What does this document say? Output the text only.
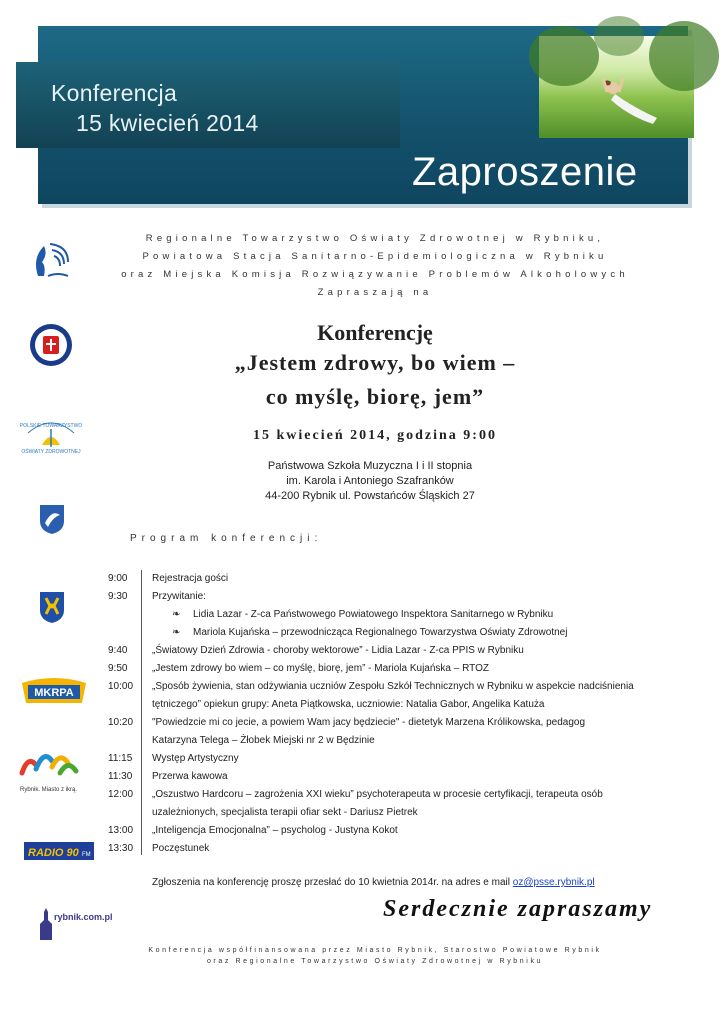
Konferencja
15 kwiecień 2014
Zaproszenie
POLSKIE TOWARZYSTWO
OŚWIATY ZDROWOTNEJ
MKRPA
Rybnik. Miasto z ikrą.
RADIO 90 FM
rybnik.com.pl
Regionalne Towarzystwo Oświaty Zdrowotnej w Rybniku,
Powiatowa Stacja Sanitarno-Epidemiologiczna w Rybniku
oraz Miejska Komisja Rozwiązywanie Problemów Alkoholowych
Zapraszają na
Konferencję
„Jestem zdrowy, bo wiem –
co myślę, biorę, jem”
15 kwiecień 2014, godzina 9:00
Państwowa Szkoła Muzyczna I i II stopnia
im. Karola i Antoniego Szafranków
44-200 Rybnik ul. Powstańców Śląskich 27
Program konferencji:
9:00 Rejestracja gości
9:30 Przywitanie:
❧ Lidia Lazar - Z-ca Państwowego Powiatowego Inspektora Sanitarnego w Rybniku
❧ Mariola Kujańska – przewodnicząca Regionalnego Towarzystwa Oświaty Zdrowotnej
9:40 „Światowy Dzień Zdrowia - choroby wektorowe” - Lidia Lazar - Z-ca PPIS w Rybniku
9:50 „Jestem zdrowy bo wiem – co myślę, biorę, jem” - Mariola Kujańska – RTOZ
10:00 „Sposób żywienia, stan odżywiania uczniów Zespołu Szkół Technicznych w Rybniku w aspekcie nadciśnienia
tętniczego” opiekun grupy: Aneta Piątkowska, uczniowie: Natalia Gabor, Angelika Katuża
10:20 "Powiedzcie mi co jecie, a powiem Wam jacy będziecie" - dietetyk Marzena Królikowska, pedagog
Katarzyna Telega – Żłobek Miejski nr 2 w Będzinie
11:15 Występ Artystyczny
11:30 Przerwa kawowa
12:00 „Oszustwo Hardcoru – zagrożenia XXI wieku” psychoterapeuta w procesie certyfikacji, terapeuta osób
uzależnionych, specjalista terapii ofiar sekt - Dariusz Pietrek
13:00 „Inteligencja Emocjonalna” – psycholog - Justyna Kokot
13:30 Poczęstunek
Zgłoszenia na konferencję proszę przesłać do 10 kwietnia 2014r. na adres e mail oz@psse.rybnik.pl
Serdecznie zapraszamy
Konferencja współfinansowana przez Miasto Rybnik, Starostwo Powiatowe Rybnik
oraz Regionalne Towarzystwo Oświaty Zdrowotnej w Rybniku
